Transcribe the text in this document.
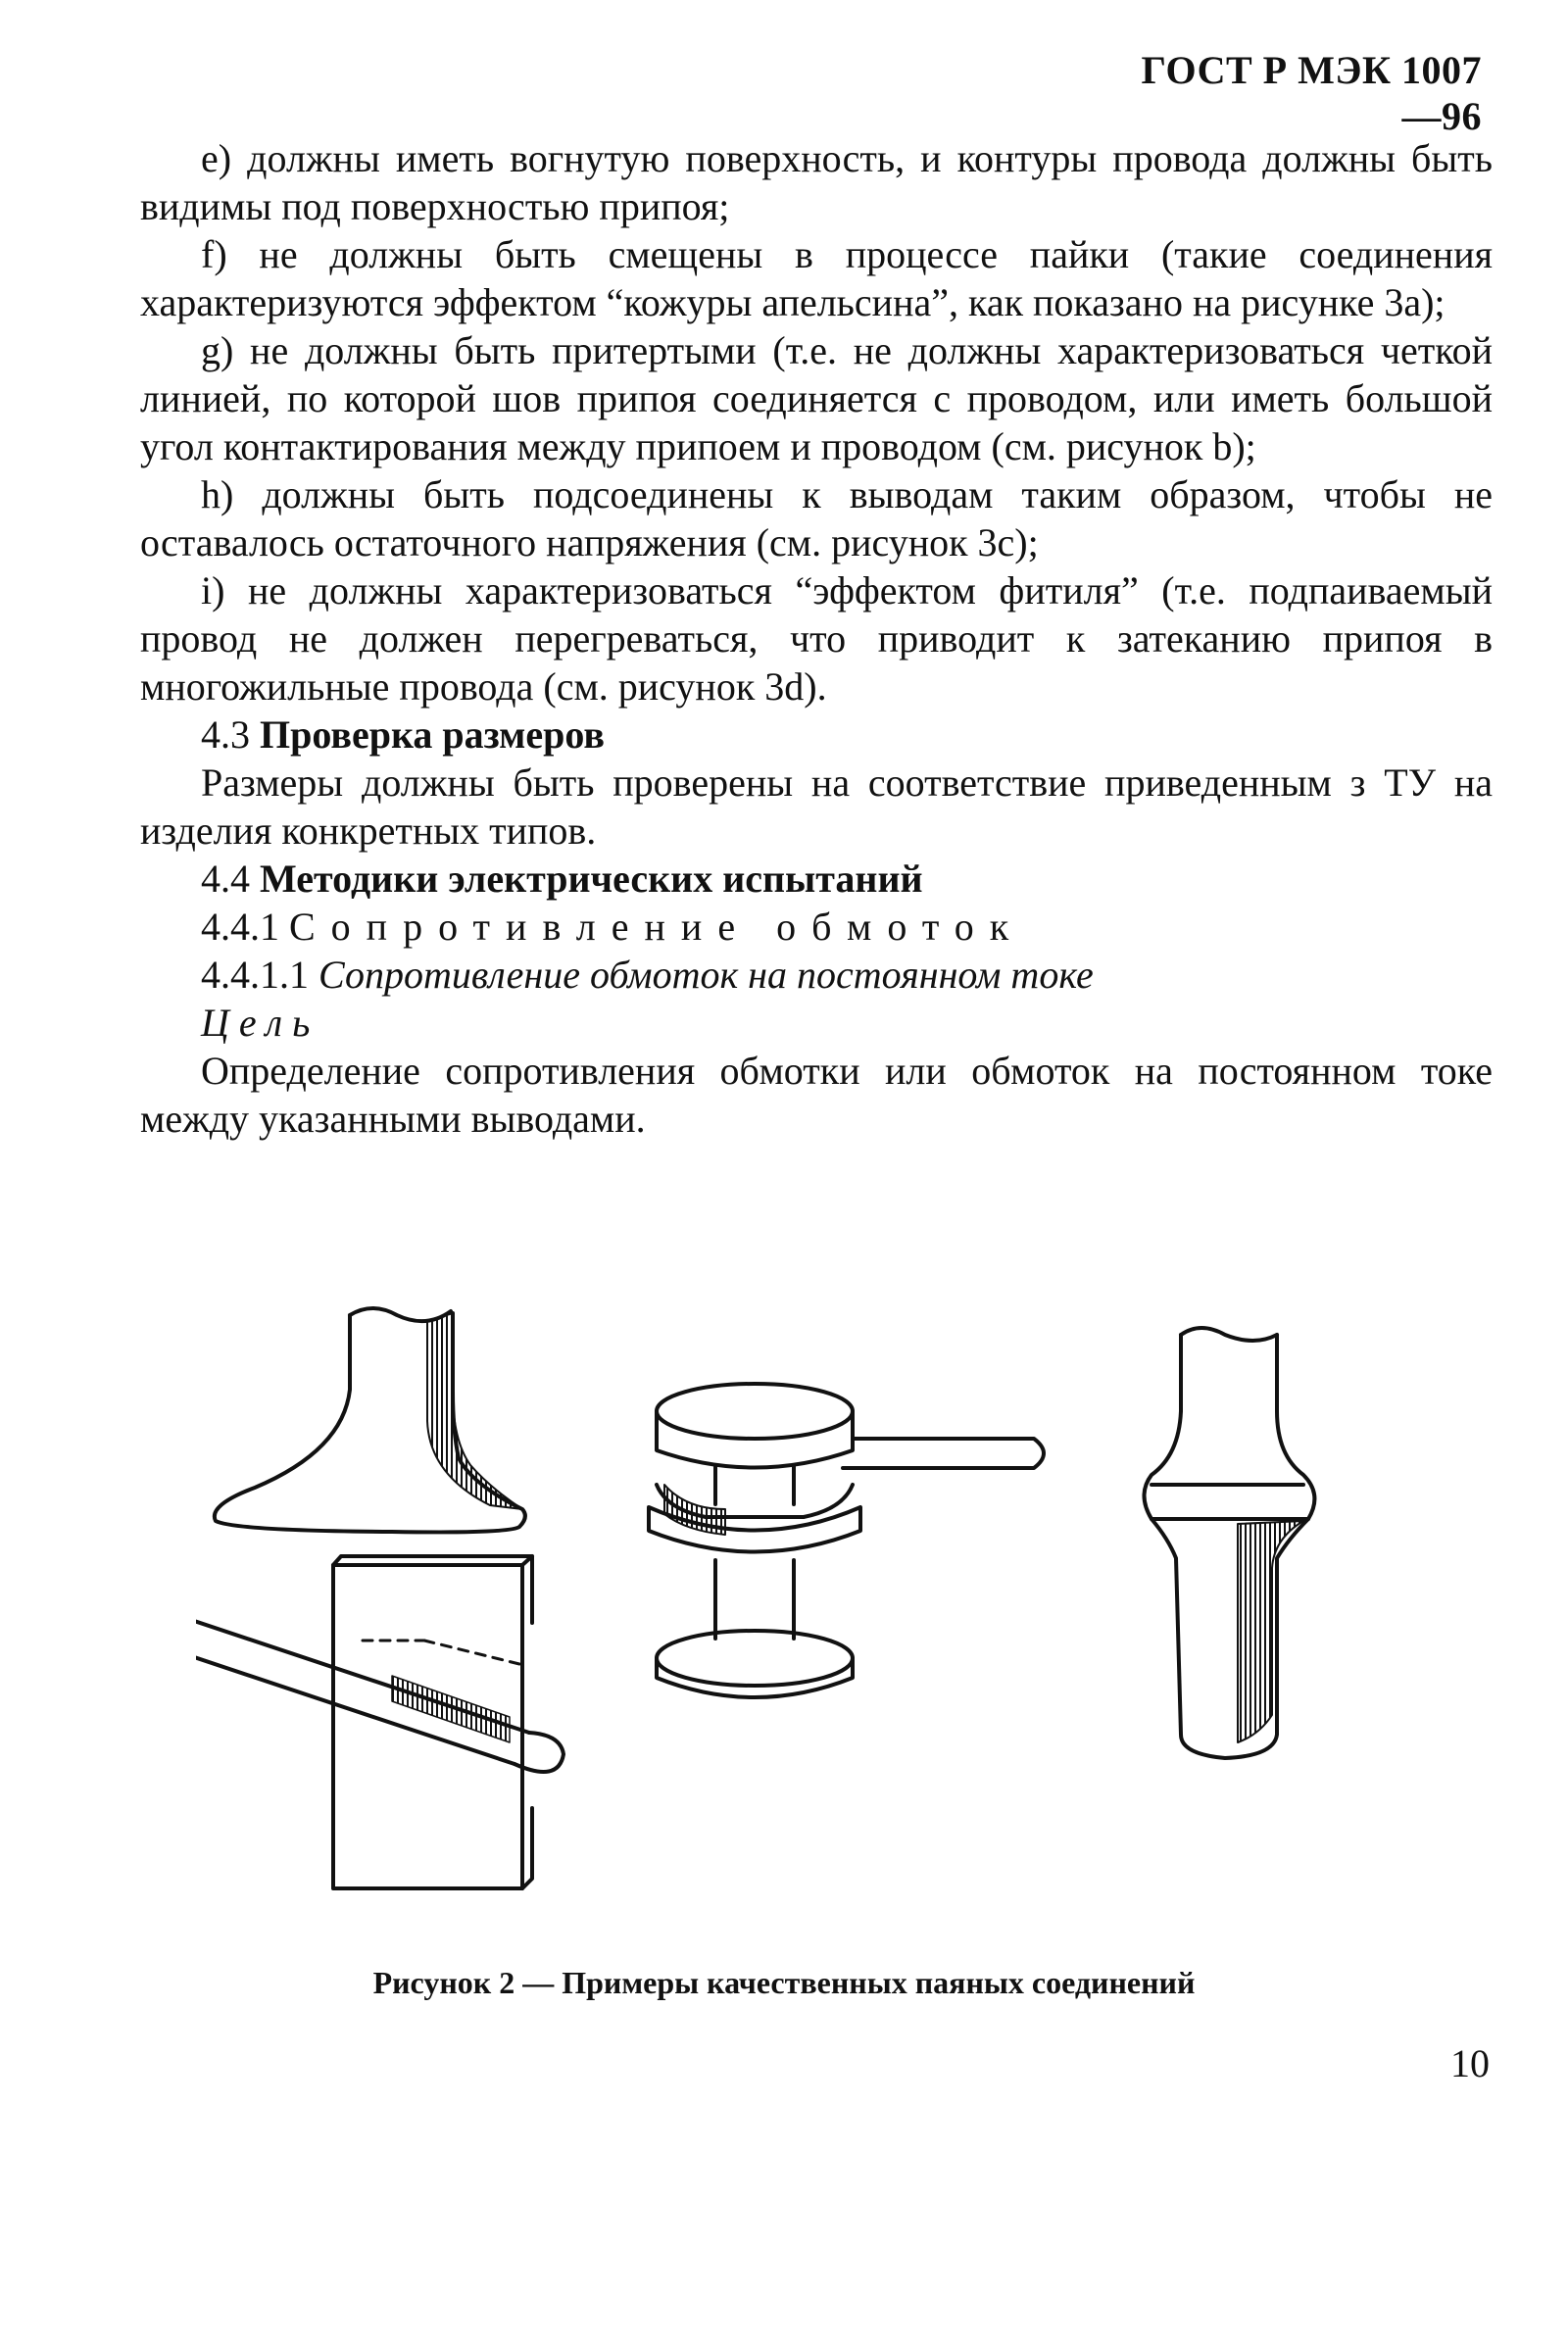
ГОСТ Р МЭК 1007—96

e) должны иметь вогнутую поверхность, и контуры провода должны быть видимы под поверхностью припоя;

f) не должны быть смещены в процессе пайки (такие соединения характеризуются эффектом “кожуры апельсина”, как показано на рисунке 3a);

g) не должны быть притертыми (т.е. не должны характеризоваться четкой линией, по которой шов припоя соединяется с проводом, или иметь большой угол контактирования между припоем и проводом (см. рисунок b);

h) должны быть подсоединены к выводам таким образом, чтобы не оставалось остаточного напряжения (см. рисунок 3c);

i) не должны характеризоваться “эффектом фитиля” (т.е. подпаиваемый провод не должен перегреваться, что приводит к затеканию припоя в многожильные провода (см. рисунок 3d).

4.3 Проверка размеров

Размеры должны быть проверены на соответствие приведенным з ТУ на изделия конкретных типов.

4.4 Методики электрических испытаний

4.4.1 Сопротивление обмоток

4.4.1.1 Сопротивление обмоток на постоянном токе

Цель

Определение сопротивления обмотки или обмоток на постоянном токе между указанными выводами.

Рисунок 2 — Примеры качественных паяных соединений
10
